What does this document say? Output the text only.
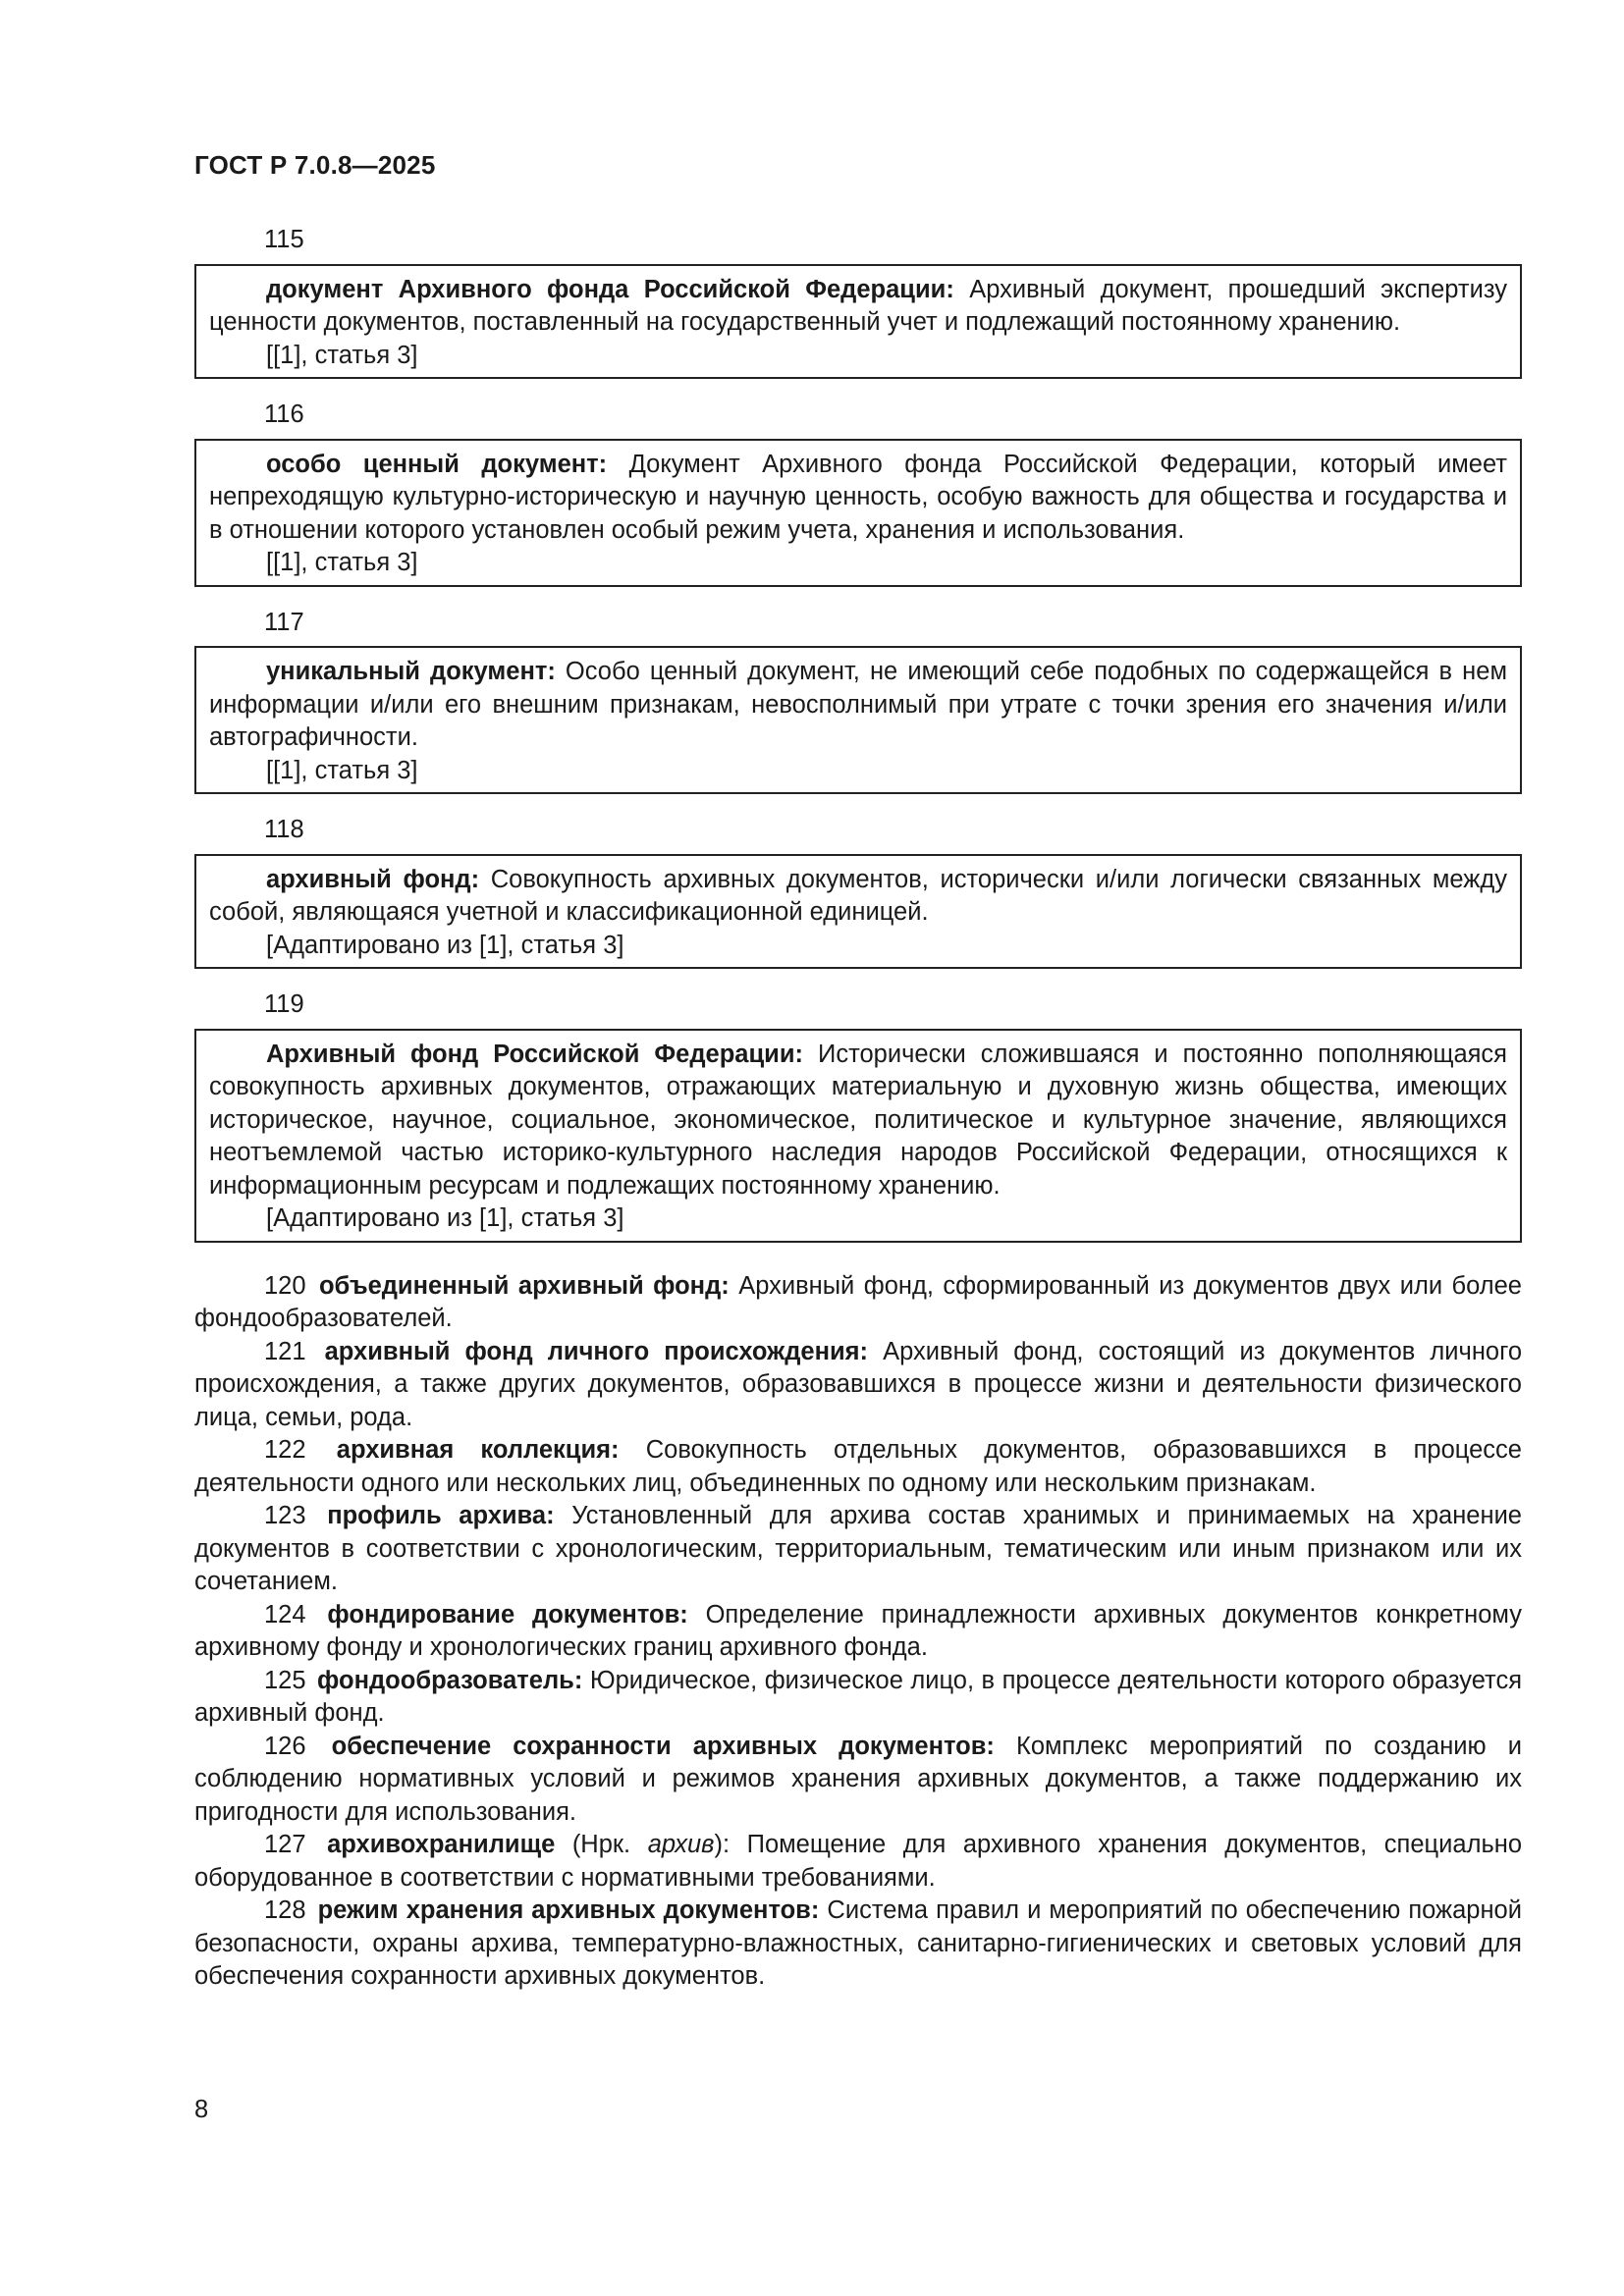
ГОСТ Р 7.0.8—2025
115

документ Архивного фонда Российской Федерации: Архивный документ, прошедший экспертизу ценности документов, поставленный на государственный учет и подлежащий постоянному хранению.

[[1], статья 3]

116

особо ценный документ: Документ Архивного фонда Российской Федерации, который имеет непреходящую культурно-историческую и научную ценность, особую важность для общества и государства и в отношении которого установлен особый режим учета, хранения и использования.

[[1], статья 3]

117

уникальный документ: Особо ценный документ, не имеющий себе подобных по содержащейся в нем информации и/или его внешним признакам, невосполнимый при утрате с точки зрения его значения и/или автографичности.

[[1], статья 3]

118

архивный фонд: Совокупность архивных документов, исторически и/или логически связанных между собой, являющаяся учетной и классификационной единицей.

[Адаптировано из [1], статья 3]

119

Архивный фонд Российской Федерации: Исторически сложившаяся и постоянно пополняющаяся совокупность архивных документов, отражающих материальную и духовную жизнь общества, имеющих историческое, научное, социальное, экономическое, политическое и культурное значение, являющихся неотъемлемой частью историко-культурного наследия народов Российской Федерации, относящихся к информационным ресурсам и подлежащих постоянному хранению.

[Адаптировано из [1], статья 3]

120 объединенный архивный фонд: Архивный фонд, сформированный из документов двух или более фондообразователей.

121 архивный фонд личного происхождения: Архивный фонд, состоящий из документов личного происхождения, а также других документов, образовавшихся в процессе жизни и деятельности физического лица, семьи, рода.

122 архивная коллекция: Совокупность отдельных документов, образовавшихся в процессе деятельности одного или нескольких лиц, объединенных по одному или нескольким признакам.

123 профиль архива: Установленный для архива состав хранимых и принимаемых на хранение документов в соответствии с хронологическим, территориальным, тематическим или иным признаком или их сочетанием.

124 фондирование документов: Определение принадлежности архивных документов конкретному архивному фонду и хронологических границ архивного фонда.

125 фондообразователь: Юридическое, физическое лицо, в процессе деятельности которого образуется архивный фонд.

126 обеспечение сохранности архивных документов: Комплекс мероприятий по созданию и соблюдению нормативных условий и режимов хранения архивных документов, а также поддержанию их пригодности для использования.

127 архивохранилище (Нрк. архив): Помещение для архивного хранения документов, специально оборудованное в соответствии с нормативными требованиями.

128 режим хранения архивных документов: Система правил и мероприятий по обеспечению пожарной безопасности, охраны архива, температурно-влажностных, санитарно-гигиенических и световых условий для обеспечения сохранности архивных документов.

8
